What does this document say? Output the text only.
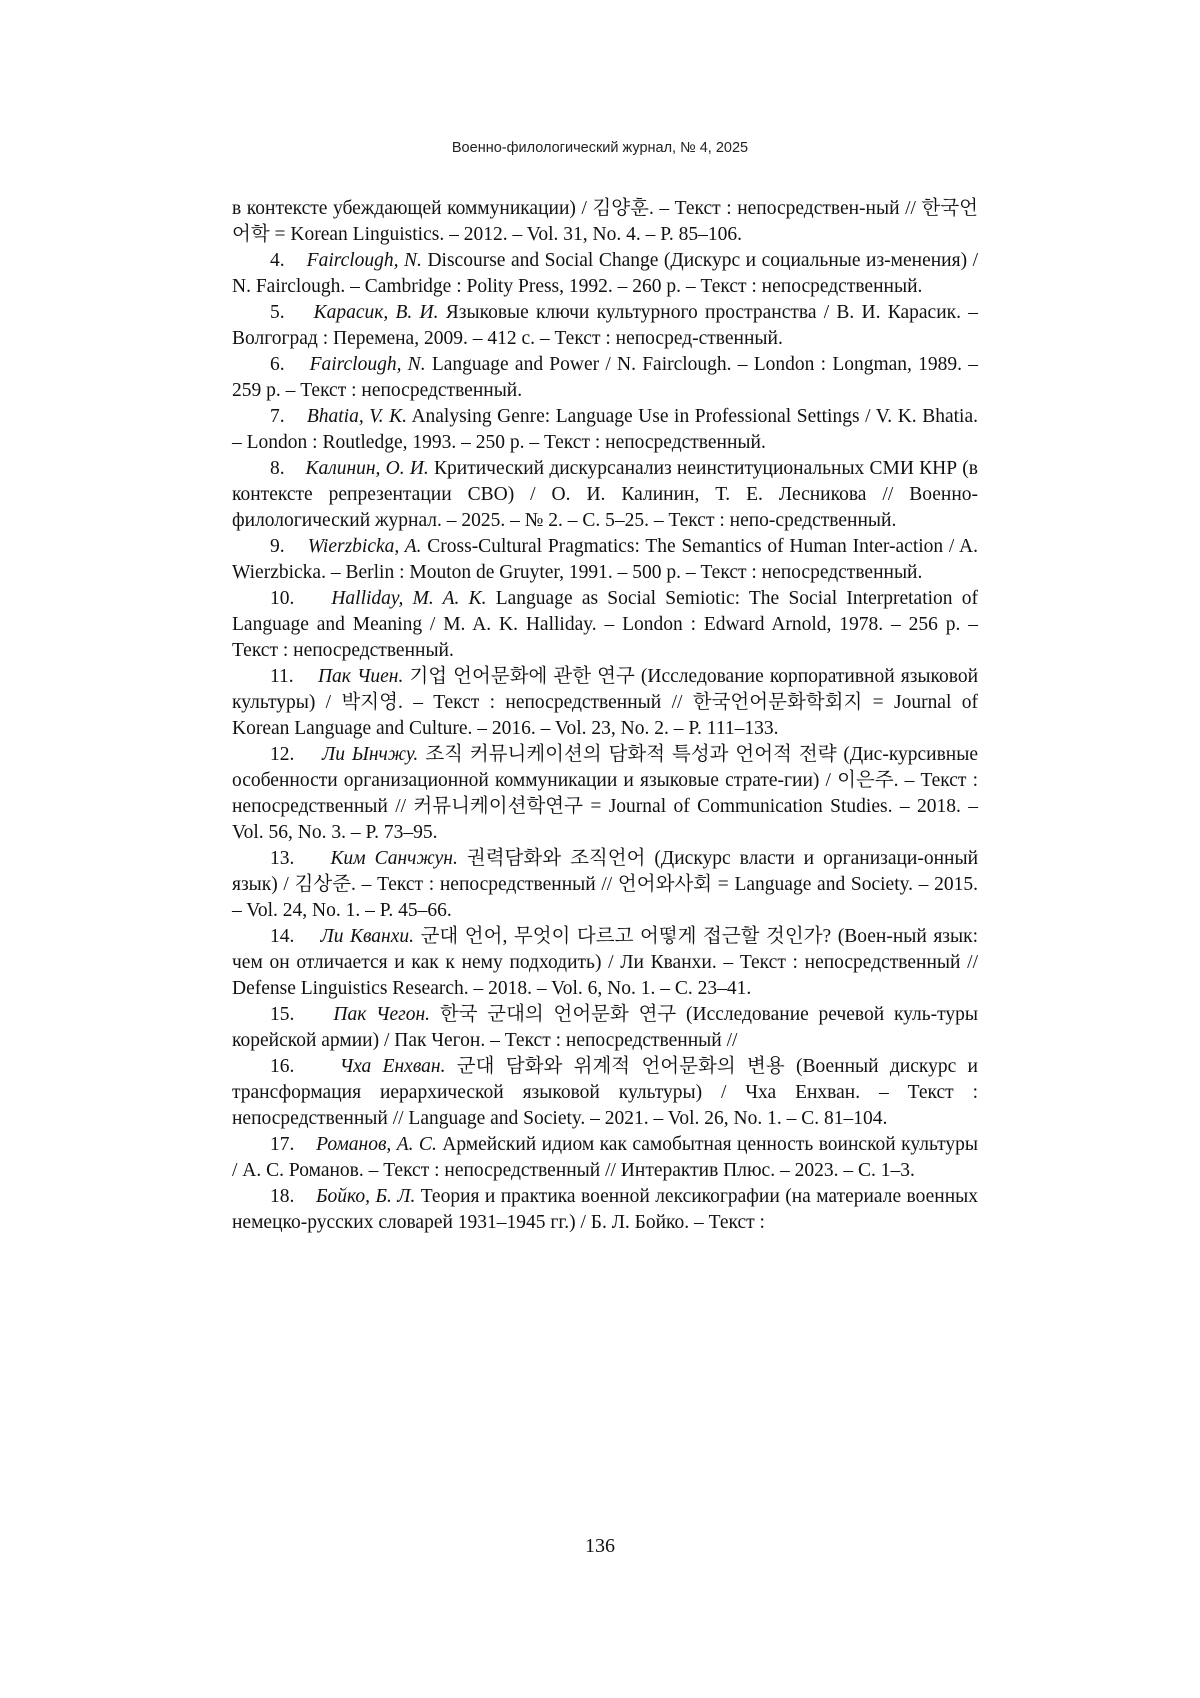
Военно-филологический журнал, № 4, 2025

в контексте убеждающей коммуникации) / 김양훈. – Текст : непосредствен-ный // 한국언어학 = Korean Linguistics. – 2012. – Vol. 31, No. 4. – P. 85–106.

4. Fairclough, N. Discourse and Social Change (Дискурс и социальные из-менения) / N. Fairclough. – Cambridge : Polity Press, 1992. – 260 p. – Текст : непосредственный.

5. Карасик, В. И. Языковые ключи культурного пространства / В. И. Карасик. – Волгоград : Перемена, 2009. – 412 с. – Текст : непосред-ственный.

6. Fairclough, N. Language and Power / N. Fairclough. – London : Longman, 1989. – 259 p. – Текст : непосредственный.

7. Bhatia, V. K. Analysing Genre: Language Use in Professional Settings / V. K. Bhatia. – London : Routledge, 1993. – 250 p. – Текст : непосредственный.

8. Калинин, О. И. Критический дискурсанализ неинституциональных СМИ КНР (в контексте репрезентации СВО) / О. И. Калинин, Т. Е. Лесникова // Военно-филологический журнал. – 2025. – № 2. – С. 5–25. – Текст : непо-средственный.

9. Wierzbicka, A. Cross-Cultural Pragmatics: The Semantics of Human Inter-action / A. Wierzbicka. – Berlin : Mouton de Gruyter, 1991. – 500 p. – Текст : непосредственный.

10. Halliday, M. A. K. Language as Social Semiotic: The Social Interpretation of Language and Meaning / M. A. K. Halliday. – London : Edward Arnold, 1978. – 256 p. – Текст : непосредственный.

11. Пак Чиен. 기업 언어문화에 관한 연구 (Исследование корпоративной языковой культуры) / 박지영. – Текст : непосредственный // 한국언어문화학회지 = Journal of Korean Language and Culture. – 2016. – Vol. 23, No. 2. – P. 111–133.

12. Ли Ынчжу. 조직 커뮤니케이션의 담화적 특성과 언어적 전략 (Дис-курсивные особенности организационной коммуникации и языковые страте-гии) / 이은주. – Текст : непосредственный // 커뮤니케이션학연구 = Journal of Communication Studies. – 2018. – Vol. 56, No. 3. – P. 73–95.

13. Ким Санчжун. 권력담화와 조직언어 (Дискурс власти и организаци-онный язык) / 김상준. – Текст : непосредственный // 언어와사회 = Language and Society. – 2015. – Vol. 24, No. 1. – P. 45–66.

14. Ли Кванхи. 군대 언어, 무엇이 다르고 어떻게 접근할 것인가? (Воен-ный язык: чем он отличается и как к нему подходить) / Ли Кванхи. – Текст : непосредственный // Defense Linguistics Research. – 2018. – Vol. 6, No. 1. – С. 23–41.

15. Пак Чегон. 한국 군대의 언어문화 연구 (Исследование речевой куль-туры корейской армии) / Пак Чегон. – Текст : непосредственный //

16. Чха Енхван. 군대 담화와 위계적 언어문화의 변용 (Военный дискурс и трансформация иерархической языковой культуры) / Чха Енхван. – Текст : непосредственный // Language and Society. – 2021. – Vol. 26, No. 1. – С. 81–104.

17. Романов, А. С. Армейский идиом как самобытная ценность воинской культуры / А. С. Романов. – Текст : непосредственный // Интерактив Плюс. – 2023. – С. 1–3.

18. Бойко, Б. Л. Теория и практика военной лексикографии (на материале военных немецко-русских словарей 1931–1945 гг.) / Б. Л. Бойко. – Текст :

136
